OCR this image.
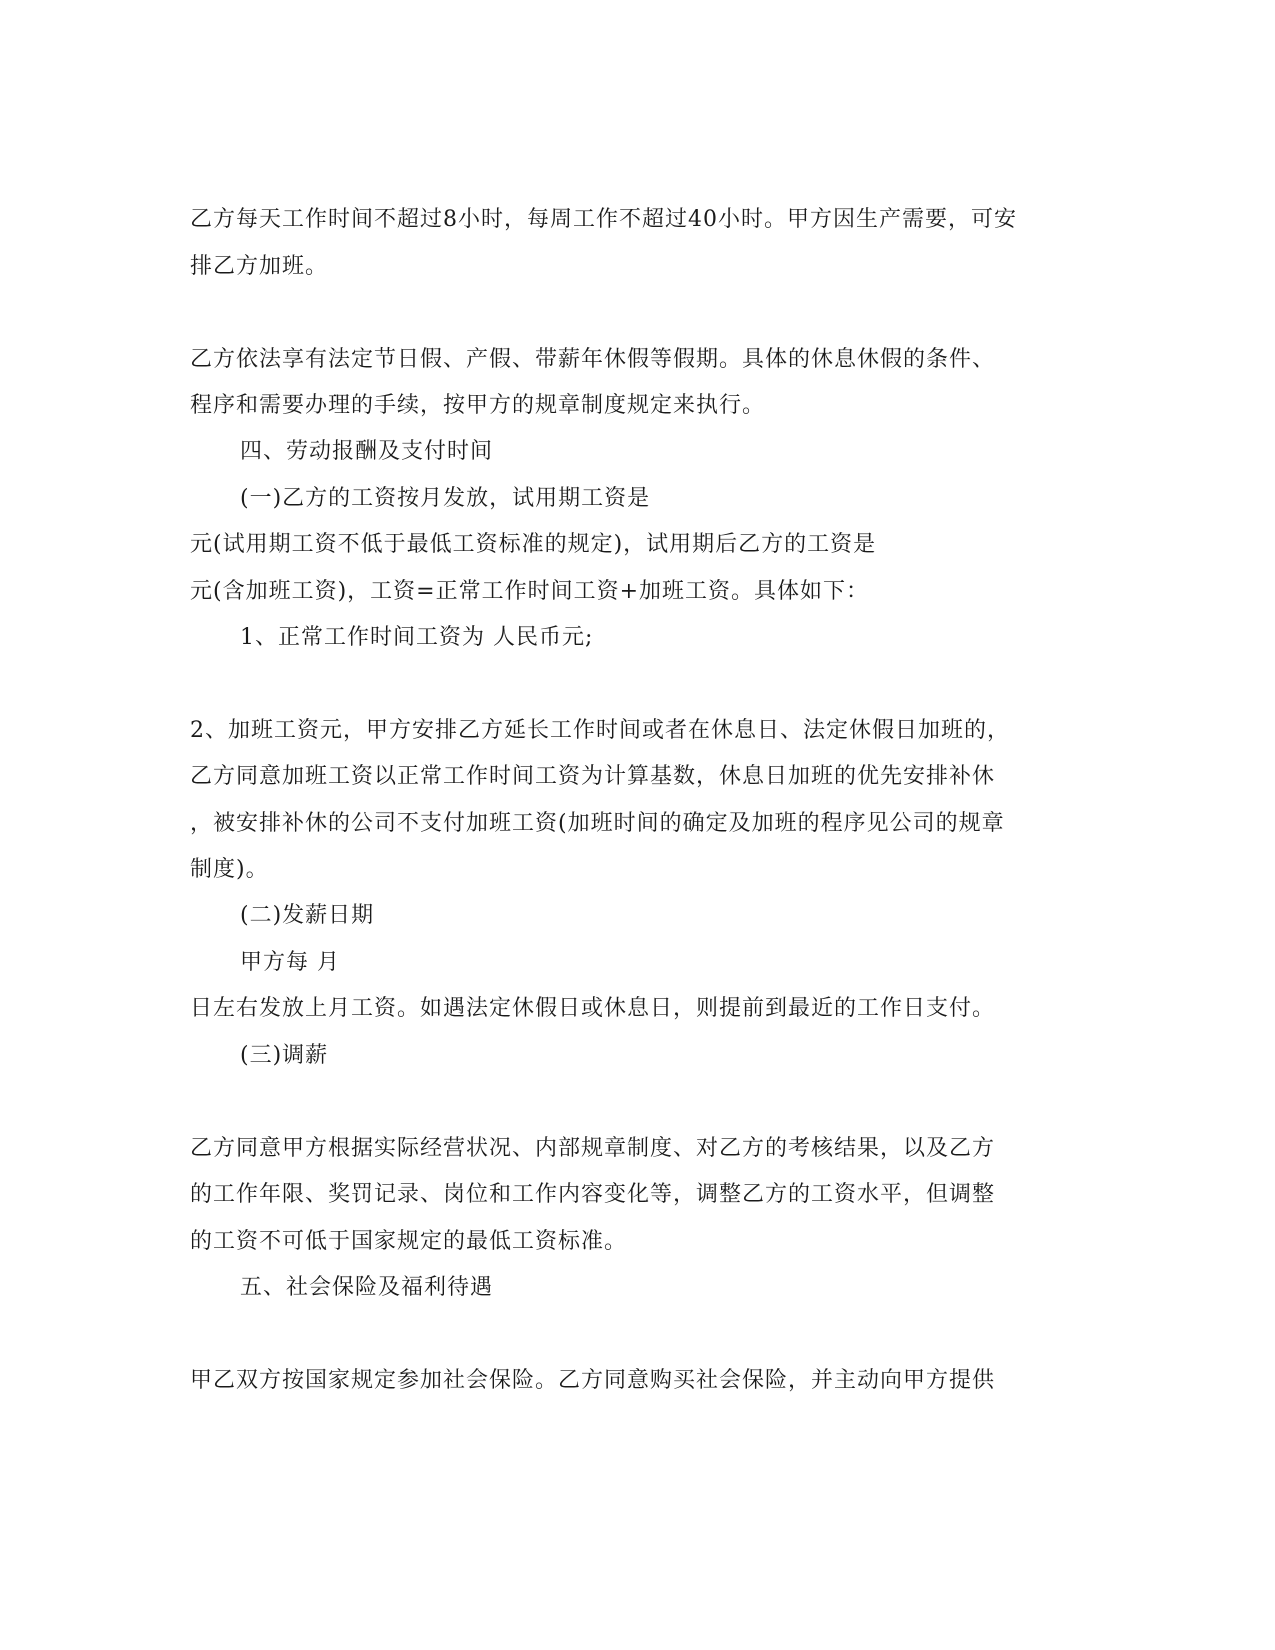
乙方每天工作时间不超过8小时，每周工作不超过40小时。甲方因生产需要，可安
排乙方加班。
乙方依法享有法定节日假、产假、带薪年休假等假期。具体的休息休假的条件、
程序和需要办理的手续，按甲方的规章制度规定来执行。
四、劳动报酬及支付时间
(一)乙方的工资按月发放，试用期工资是
元(试用期工资不低于最低工资标准的规定)，试用期后乙方的工资是
元(含加班工资)，工资=正常工作时间工资+加班工资。具体如下：
1、正常工作时间工资为 人民币元;
2、加班工资元，甲方安排乙方延长工作时间或者在休息日、法定休假日加班的，
乙方同意加班工资以正常工作时间工资为计算基数，休息日加班的优先安排补休
，被安排补休的公司不支付加班工资(加班时间的确定及加班的程序见公司的规章
制度)。
(二)发薪日期
甲方每 月
日左右发放上月工资。如遇法定休假日或休息日，则提前到最近的工作日支付。
(三)调薪
乙方同意甲方根据实际经营状况、内部规章制度、对乙方的考核结果，以及乙方
的工作年限、奖罚记录、岗位和工作内容变化等，调整乙方的工资水平，但调整
的工资不可低于国家规定的最低工资标准。
五、社会保险及福利待遇
甲乙双方按国家规定参加社会保险。乙方同意购买社会保险，并主动向甲方提供
